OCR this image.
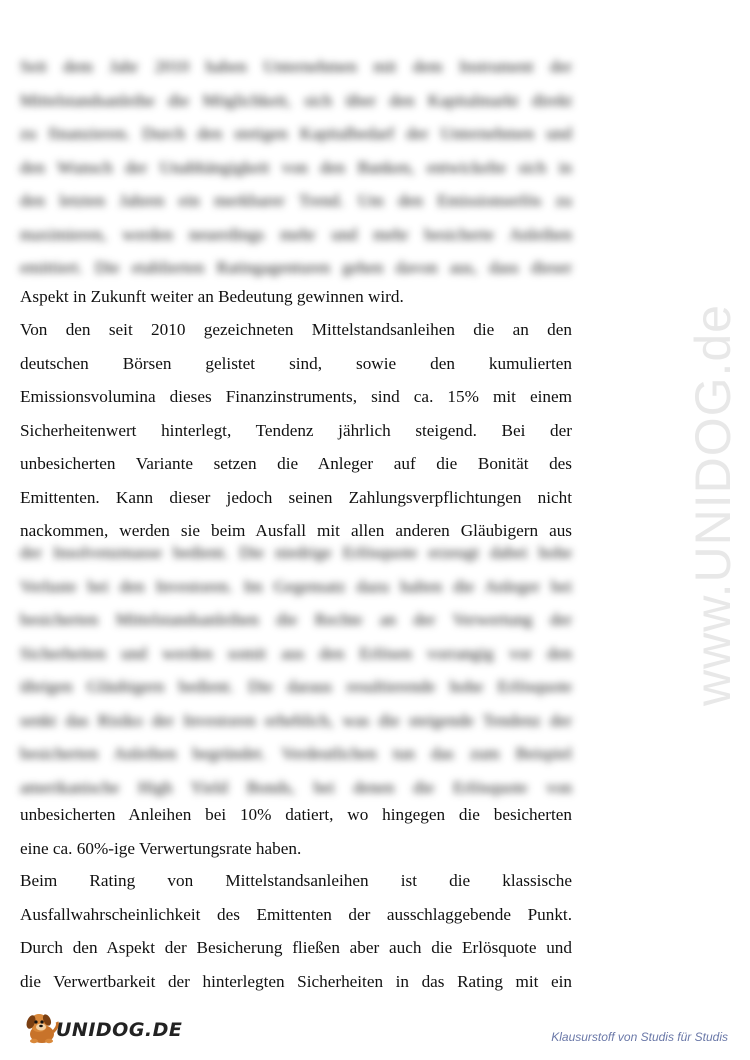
Seit dem Jahr 2010 haben Unternehmen mit dem Instrument der
Mittelstandsanleihe die Möglichkeit, sich über den Kapitalmarkt direkt
zu finanzieren. Durch den stetigen Kapitalbedarf der Unternehmen und
den Wunsch der Unabhängigkeit von den Banken, entwickelte sich in
den letzten Jahren ein merkbarer Trend. Um den Emissionserlös zu
maximieren, werden neuerdings mehr und mehr besicherte Anleihen
emittiert. Die etablierten Ratingagenturen gehen davon aus, dass dieser
Aspekt in Zukunft weiter an Bedeutung gewinnen wird.
Von den seit 2010 gezeichneten Mittelstandsanleihen die an den
deutschen Börsen gelistet sind, sowie den kumulierten
Emissionsvolumina dieses Finanzinstruments, sind ca. 15% mit einem
Sicherheitenwert hinterlegt, Tendenz jährlich steigend. Bei der
unbesicherten Variante setzen die Anleger auf die Bonität des
Emittenten. Kann dieser jedoch seinen Zahlungsverpflichtungen nicht
nackommen, werden sie beim Ausfall mit allen anderen Gläubigern aus
der Insolvenzmasse bedient. Die niedrige Erlösquote erzeugt dabei hohe
Verluste bei den Investoren. Im Gegensatz dazu halten die Anleger bei
besicherten Mittelstandsanleihen die Rechte an der Verwertung der
Sicherheiten und werden somit aus den Erlösen vorrangig vor den
übrigen Gläubigern bedient. Die daraus resultierende hohe Erlösquote
senkt das Risiko der Investoren erheblich, was die steigende Tendenz der
besicherten Anleihen begründet. Verdeutlichen tun das zum Beispiel
amerikanische High Yield Bonds, bei denen die Erlösquote von
unbesicherten Anleihen bei 10% datiert, wo hingegen die besicherten
eine ca. 60%-ige Verwertungsrate haben.
Beim Rating von Mittelstandsanleihen ist die klassische
Ausfallwahrscheinlichkeit des Emittenten der ausschlaggebende Punkt.
Durch den Aspekt der Besicherung fließen aber auch die Erlösquote und
die Verwertbarkeit der hinterlegten Sicherheiten in das Rating mit ein
www.UNIDOG.de
UNIDOG.DE	Klausurstoff von Studis für Studis
